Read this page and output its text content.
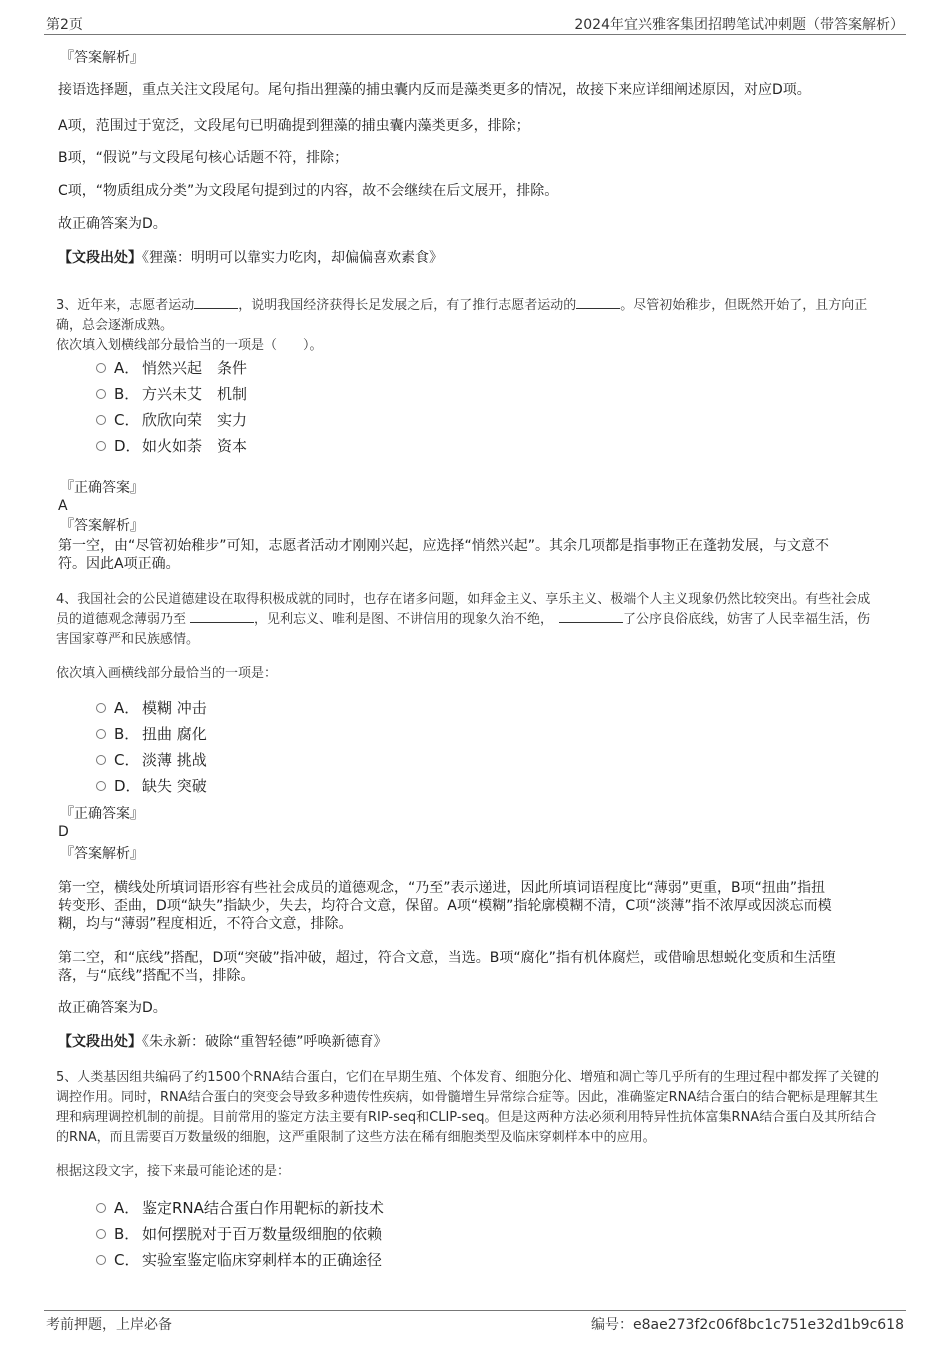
第2页	2024年宜兴雅客集团招聘笔试冲刺题（带答案解析）
『答案解析』
接语选择题，重点关注文段尾句。尾句指出狸藻的捕虫囊内反而是藻类更多的情况，故接下来应详细阐述原因，对应D项。
A项，范围过于宽泛，文段尾句已明确提到狸藻的捕虫囊内藻类更多，排除；
B项，“假说”与文段尾句核心话题不符，排除；
C项，“物质组成分类”为文段尾句提到过的内容，故不会继续在后文展开，排除。
故正确答案为D。
【文段出处】《狸藻：明明可以靠实力吃肉，却偏偏喜欢素食》
3、近年来，志愿者运动	，说明我国经济获得长足发展之后，有了推行志愿者运动的	。尽管初始稚步，但既然开始了，且方向正
确，总会逐渐成熟。
依次填入划横线部分最恰当的一项是（　　）。
A． 悄然兴起　条件
B． 方兴未艾　机制
C． 欣欣向荣　实力
D．如火如荼　资本
『正确答案』
A
『答案解析』
第一空，由“尽管初始稚步”可知，志愿者活动才刚刚兴起，应选择“悄然兴起”。其余几项都是指事物正在蓬勃发展，与文意不
符。因此A项正确。
4、我国社会的公民道德建设在取得积极成就的同时，也存在诸多问题，如拜金主义、享乐主义、极端个人主义现象仍然比较突出。有些社会成
员的道德观念薄弱乃至	，见利忘义、唯利是图、不讲信用的现象久治不绝，	了公序良俗底线，妨害了人民幸福生活，伤
害国家尊严和民族感情。
依次填入画横线部分最恰当的一项是：
A． 模糊 冲击
B． 扭曲 腐化
C． 淡薄 挑战
D．缺失 突破
『正确答案』
D
『答案解析』
第一空，横线处所填词语形容有些社会成员的道德观念，“乃至”表示递进，因此所填词语程度比“薄弱”更重，B项“扭曲”指扭
转变形、歪曲，D项“缺失”指缺少，失去，均符合文意，保留。A项“模糊”指轮廓模糊不清，C项“淡薄”指不浓厚或因淡忘而模
糊，均与“薄弱”程度相近，不符合文意，排除。
第二空，和“底线”搭配，D项“突破”指冲破，超过，符合文意，当选。B项“腐化”指有机体腐烂，或借喻思想蜕化变质和生活堕
落，与“底线”搭配不当，排除。
故正确答案为D。
【文段出处】《朱永新：破除“重智轻德”呼唤新德育》
5、人类基因组共编码了约1500个RNA结合蛋白，它们在早期生殖、个体发育、细胞分化、增殖和凋亡等几乎所有的生理过程中都发挥了关键的
调控作用。同时，RNA结合蛋白的突变会导致多种遗传性疾病，如骨髓增生异常综合症等。因此，准确鉴定RNA结合蛋白的结合靶标是理解其生
理和病理调控机制的前提。目前常用的鉴定方法主要有RIP-seq和CLIP-seq。但是这两种方法必须利用特异性抗体富集RNA结合蛋白及其所结合
的RNA，而且需要百万数量级的细胞，这严重限制了这些方法在稀有细胞类型及临床穿刺样本中的应用。
根据这段文字，接下来最可能论述的是：
A． 鉴定RNA结合蛋白作用靶标的新技术
B． 如何摆脱对于百万数量级细胞的依赖
C． 实验室鉴定临床穿刺样本的正确途径
考前押题，上岸必备	编号：e8ae273f2c06f8bc1c751e32d1b9c618
